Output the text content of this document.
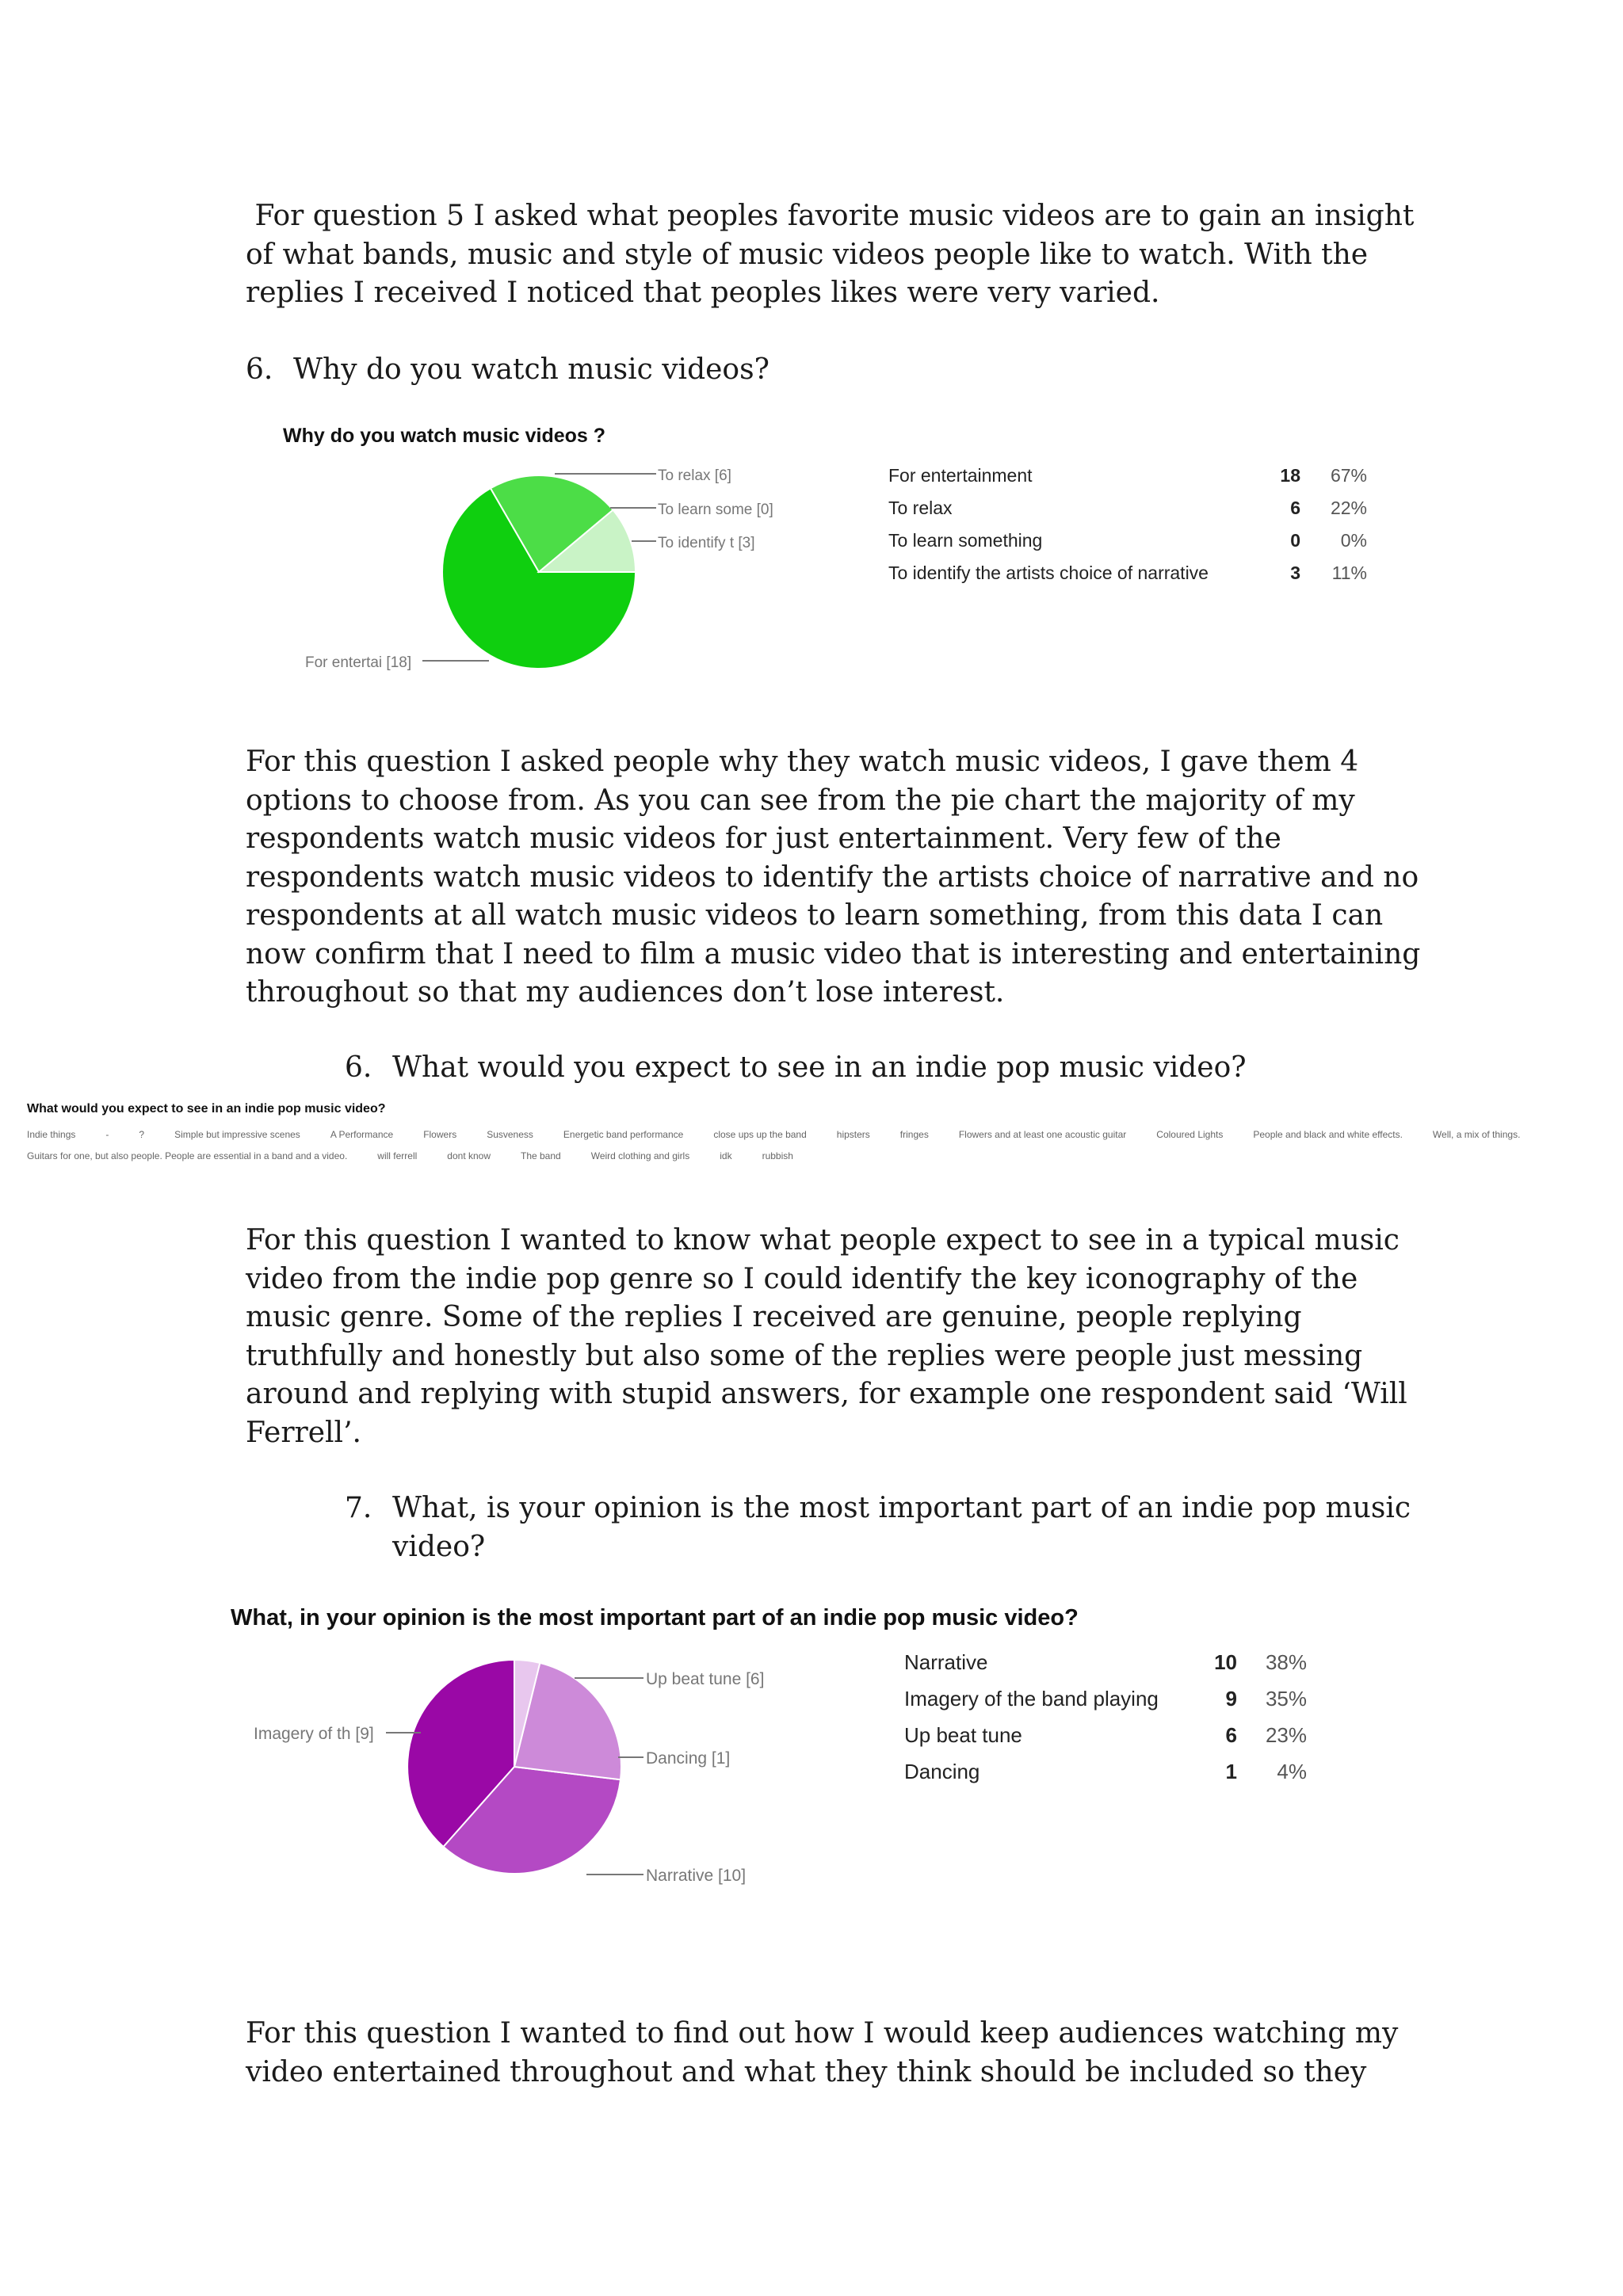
For question 5 I asked what peoples favorite music videos are to gain an insight
of what bands, music and style of music videos people like to watch. With the
replies I received I noticed that peoples likes were very varied.
6. Why do you watch music videos?
Why do you watch music videos ?
To relax [6]
To learn some [0]
To identify t [3]
For entertai [18]
Up beat tune [6]
Dancing [1]
Imagery of th [9]
Narrative [10]
For entertainment	18	67%
To relax	6	22%
To learn something	0	0%
To identify the artists choice of narrative	3	11%
For this question I asked people why they watch music videos, I gave them 4
options to choose from. As you can see from the pie chart the majority of my
respondents watch music videos for just entertainment. Very few of the
respondents watch music videos to identify the artists choice of narrative and no
respondents at all watch music videos to learn something, from this data I can
now confirm that I need to film a music video that is interesting and entertaining
throughout so that my audiences don’t lose interest.
6. What would you expect to see in an indie pop music video?
What would you expect to see in an indie pop music video?
Indie things	-	?	Simple but impressive scenes	A Performance	Flowers	Susveness	Energetic band performance	close ups up the band	hipsters	fringes	Flowers and at least one acoustic guitar	Coloured Lights	People and black and white effects.	Well, a mix of things.
Guitars for one, but also people. People are essential in a band and a video.	will ferrell	dont know	The band	Weird clothing and girls	idk	rubbish
For this question I wanted to know what people expect to see in a typical music
video from the indie pop genre so I could identify the key iconography of the
music genre. Some of the replies I received are genuine, people replying
truthfully and honestly but also some of the replies were people just messing
around and replying with stupid answers, for example one respondent said ‘Will
Ferrell’.
7. What, is your opinion is the most important part of an indie pop music
video?
What, in your opinion is the most important part of an indie pop music video?
Narrative	10	38%
Imagery of the band playing	9	35%
Up beat tune	6	23%
Dancing	1	4%
For this question I wanted to find out how I would keep audiences watching my
video entertained throughout and what they think should be included so they
